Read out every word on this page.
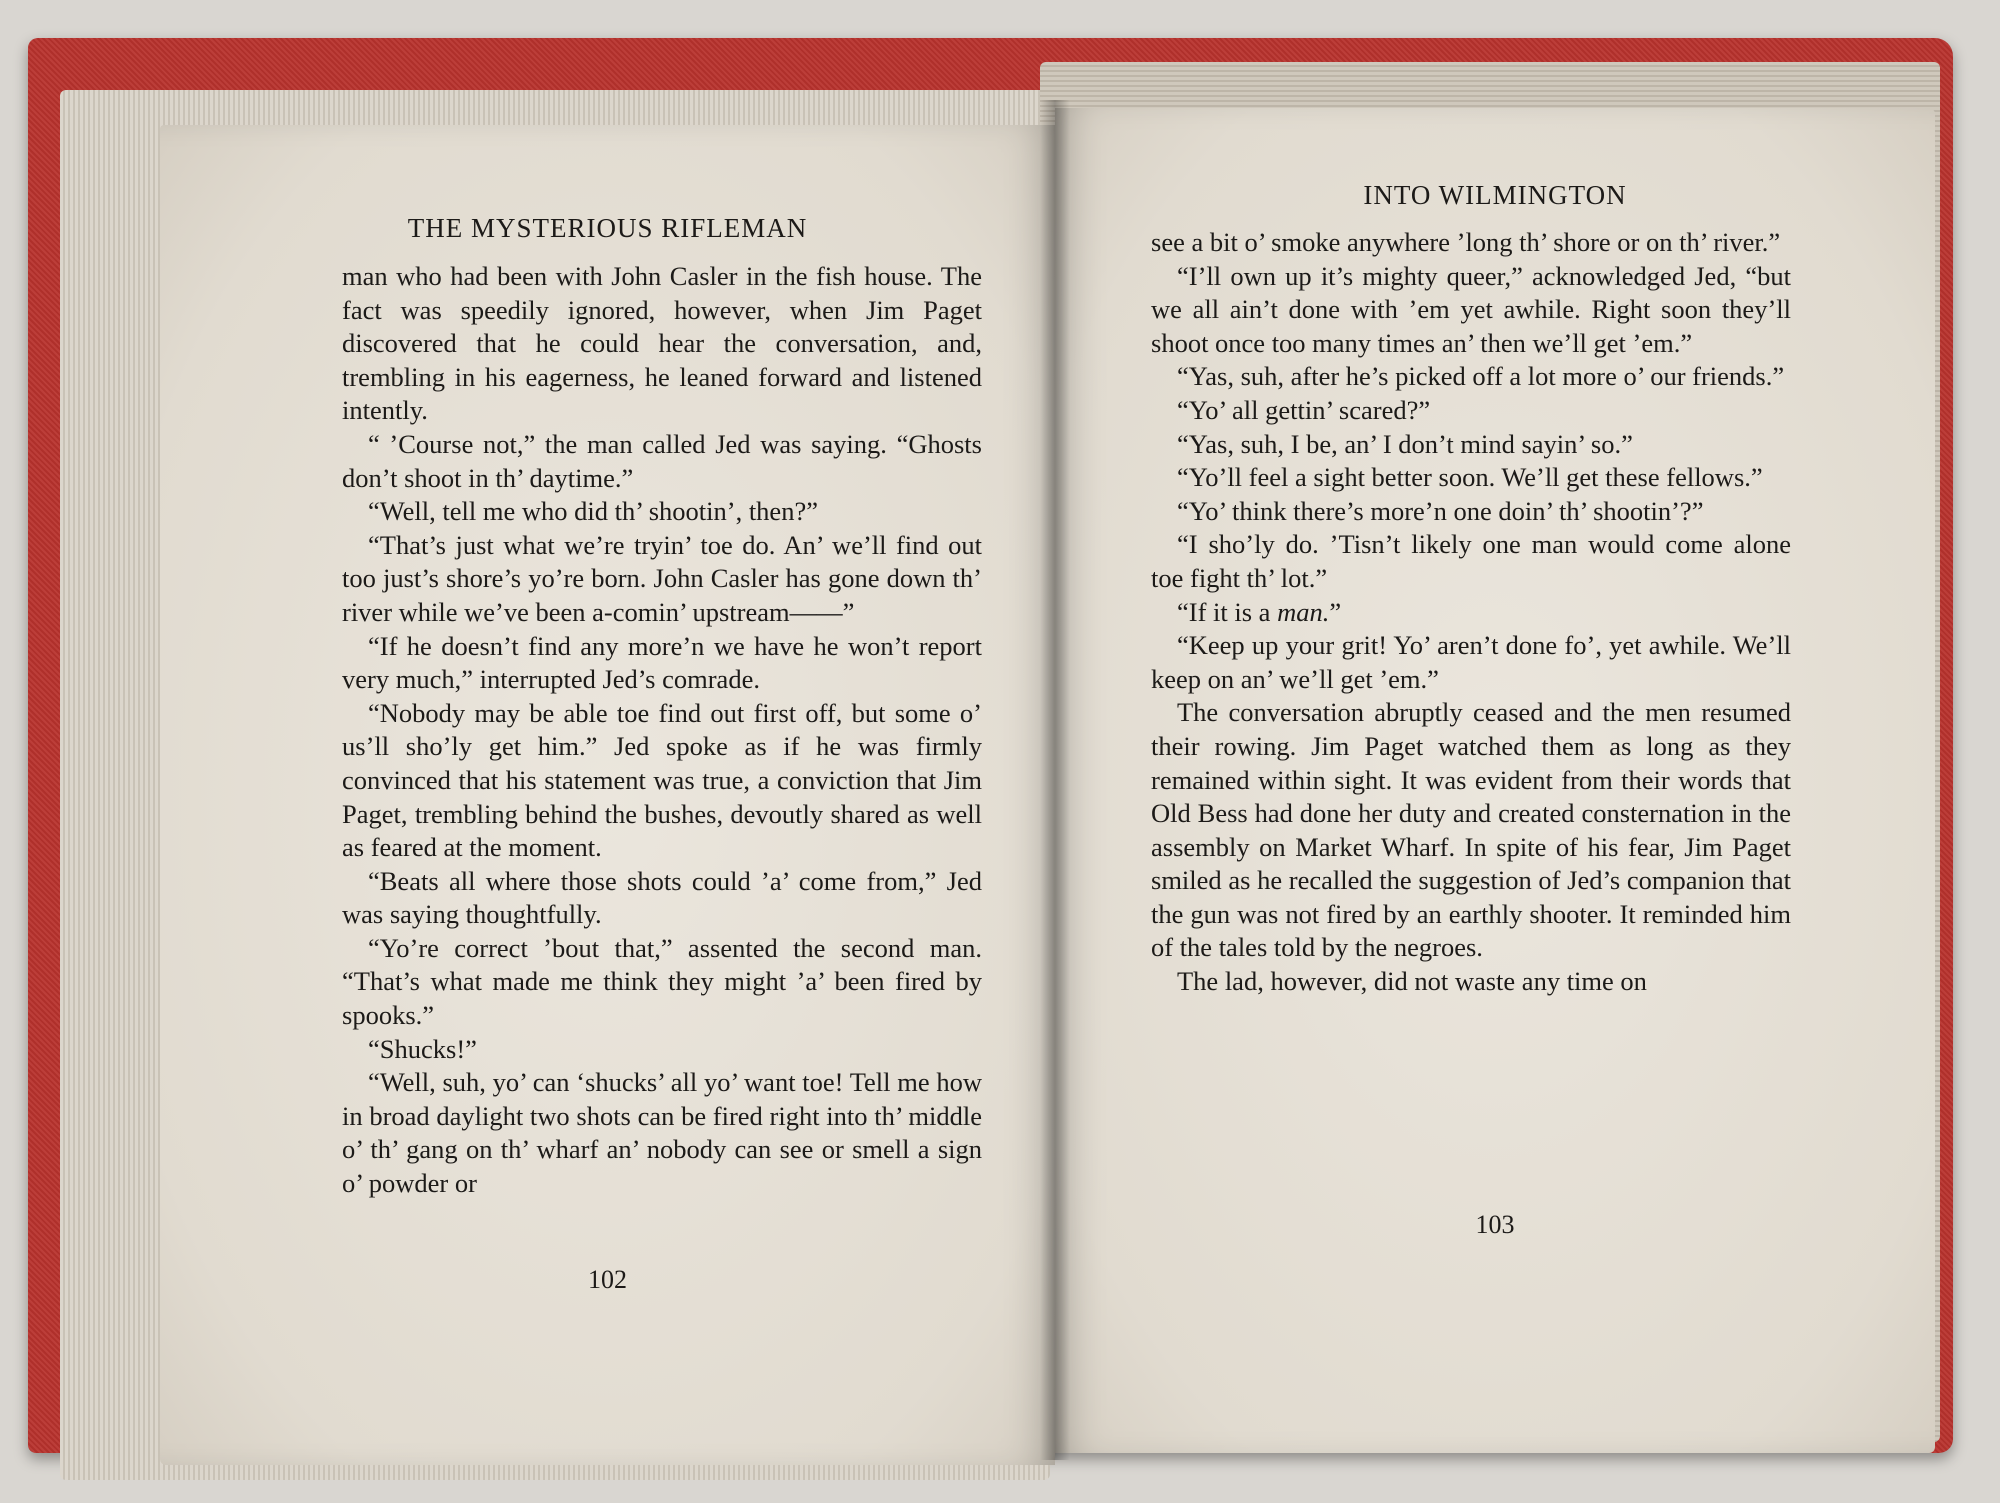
THE MYSTERIOUS RIFLEMAN

man who had been with John Casler in the fish house. The fact was speedily ignored, however, when Jim Paget discovered that he could hear the conversation, and, trembling in his eagerness, he leaned forward and listened intently.

“ ’Course not,” the man called Jed was saying. “Ghosts don’t shoot in th’ daytime.”

“Well, tell me who did th’ shootin’, then?”

“That’s just what we’re tryin’ toe do. An’ we’ll find out too just’s shore’s yo’re born. John Casler has gone down th’ river while we’ve been a-comin’ upstream——”

“If he doesn’t find any more’n we have he won’t report very much,” interrupted Jed’s comrade.

“Nobody may be able toe find out first off, but some o’ us’ll sho’ly get him.” Jed spoke as if he was firmly convinced that his statement was true, a conviction that Jim Paget, trembling behind the bushes, devoutly shared as well as feared at the moment.

“Beats all where those shots could ’a’ come from,” Jed was saying thoughtfully.

“Yo’re correct ’bout that,” assented the second man. “That’s what made me think they might ’a’ been fired by spooks.”

“Shucks!”

“Well, suh, yo’ can ‘shucks’ all yo’ want toe! Tell me how in broad daylight two shots can be fired right into th’ middle o’ th’ gang on th’ wharf an’ nobody can see or smell a sign o’ powder or

102
INTO WILMINGTON

see a bit o’ smoke anywhere ’long th’ shore or on th’ river.”

“I’ll own up it’s mighty queer,” acknowledged Jed, “but we all ain’t done with ’em yet awhile. Right soon they’ll shoot once too many times an’ then we’ll get ’em.”

“Yas, suh, after he’s picked off a lot more o’ our friends.”

“Yo’ all gettin’ scared?”

“Yas, suh, I be, an’ I don’t mind sayin’ so.”

“Yo’ll feel a sight better soon. We’ll get these fellows.”

“Yo’ think there’s more’n one doin’ th’ shootin’?”

“I sho’ly do. ’Tisn’t likely one man would come alone toe fight th’ lot.”

“If it is a man.”

“Keep up your grit! Yo’ aren’t done fo’, yet awhile. We’ll keep on an’ we’ll get ’em.”

The conversation abruptly ceased and the men resumed their rowing. Jim Paget watched them as long as they remained within sight. It was evident from their words that Old Bess had done her duty and created consternation in the assembly on Market Wharf. In spite of his fear, Jim Paget smiled as he recalled the suggestion of Jed’s companion that the gun was not fired by an earthly shooter. It reminded him of the tales told by the negroes.

The lad, however, did not waste any time on

103
